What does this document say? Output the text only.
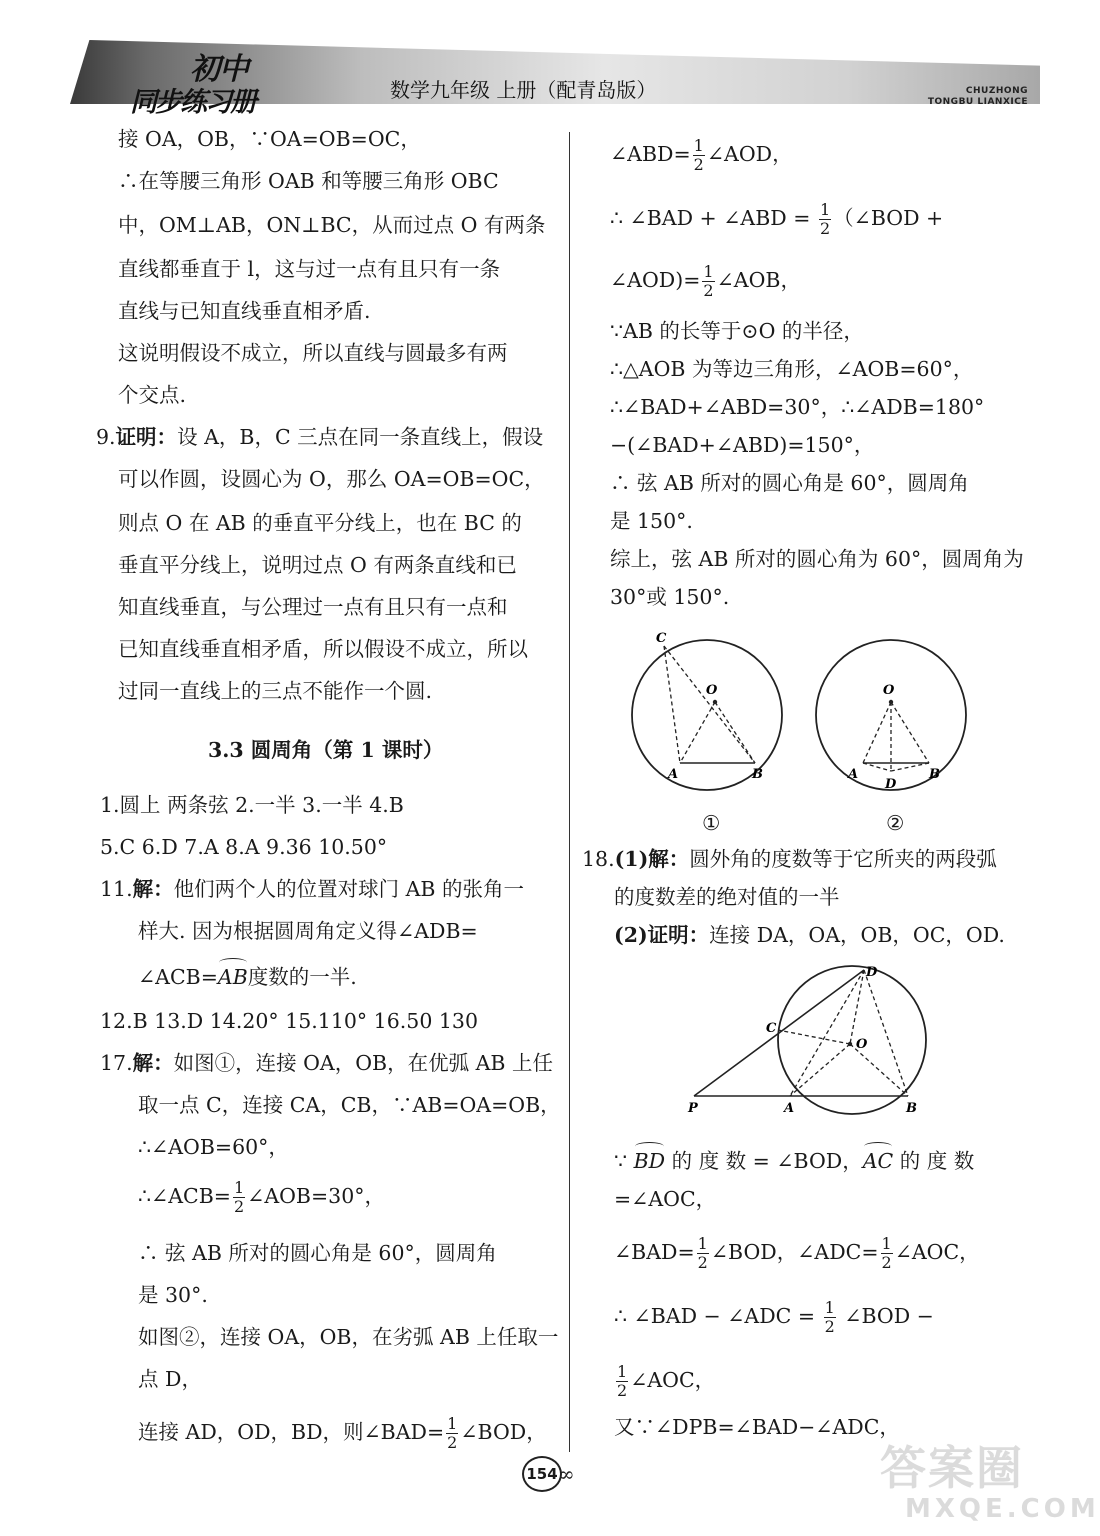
初中
同步练习册	数学九年级 上册（配青岛版）	CHUZHONG
TONGBU LIANXICE
接 OA，OB，∵OA=OB=OC，
∴在等腰三角形 OAB 和等腰三角形 OBC
中，OM⊥AB，ON⊥BC，从而过点 O 有两条
直线都垂直于 l，这与过一点有且只有一条
直线与已知直线垂直相矛盾.
这说明假设不成立，所以直线与圆最多有两
个交点.
9.证明：设 A，B，C 三点在同一条直线上，假设
可以作圆，设圆心为 O，那么 OA=OB=OC，
则点 O 在 AB 的垂直平分线上，也在 BC 的
垂直平分线上，说明过点 O 有两条直线和已
知直线垂直，与公理过一点有且只有一点和
已知直线垂直相矛盾，所以假设不成立，所以
过同一直线上的三点不能作一个圆.
3.3 圆周角（第 1 课时）
1.圆上 两条弦 2.一半 3.一半 4.B
5.C 6.D 7.A 8.A 9.36 10.50°
11.解：他们两个人的位置对球门 AB 的张角一
样大. 因为根据圆周角定义得∠ADB=
∠ACB=AB度数的一半.
12.B 13.D 14.20° 15.110° 16.50 130
17.解：如图①，连接 OA，OB，在优弧 AB 上任
取一点 C，连接 CA，CB，∵AB=OA=OB，
∴∠AOB=60°，
∴∠ACB= $\frac{1}{2}$ ∠AOB=30°，
∴ 弦 AB 所对的圆心角是 60°，圆周角
是 30°.
如图②，连接 OA，OB，在劣弧 AB 上任取一
点 D，
连接 AD，OD，BD，则∠BAD= $\frac{1}{2}$ ∠BOD，
∠ABD= $\frac{1}{2}$ ∠AOD，
∴ ∠BAD + ∠ABD = $\frac{1}{2}$ （∠BOD +
∠AOD)= $\frac{1}{2}$ ∠AOB，
∵AB 的长等于⊙O 的半径，
∴△AOB 为等边三角形，∠AOB=60°，
∴∠BAD+∠ABD=30°，∴∠ADB=180°
−(∠BAD+∠ABD)=150°，
∴ 弦 AB 所对的圆心角是 60°，圆周角
是 150°.
综上，弦 AB 所对的圆心角为 60°，圆周角为
30°或 150°.
C
O
A	B
O
A	B
D
①	②
18.(1)解：圆外角的度数等于它所夹的两段弧
的度数差的绝对值的一半
(2)证明：连接 DA，OA，OB，OC，OD.
D
C
O
P	A	B
∵ BD 的 度 数 = ∠BOD，AC 的 度 数
=∠AOC，
∠BAD= $\frac{1}{2}$ ∠BOD，∠ADC= $\frac{1}{2}$ ∠AOC，
∴ ∠BAD − ∠ADC = $\frac{1}{2}$ ∠BOD −
$\frac{1}{2}$ ∠AOC，
又∵∠DPB=∠BAD−∠ADC，
154 ∞	答案圈
MXQE.COM
